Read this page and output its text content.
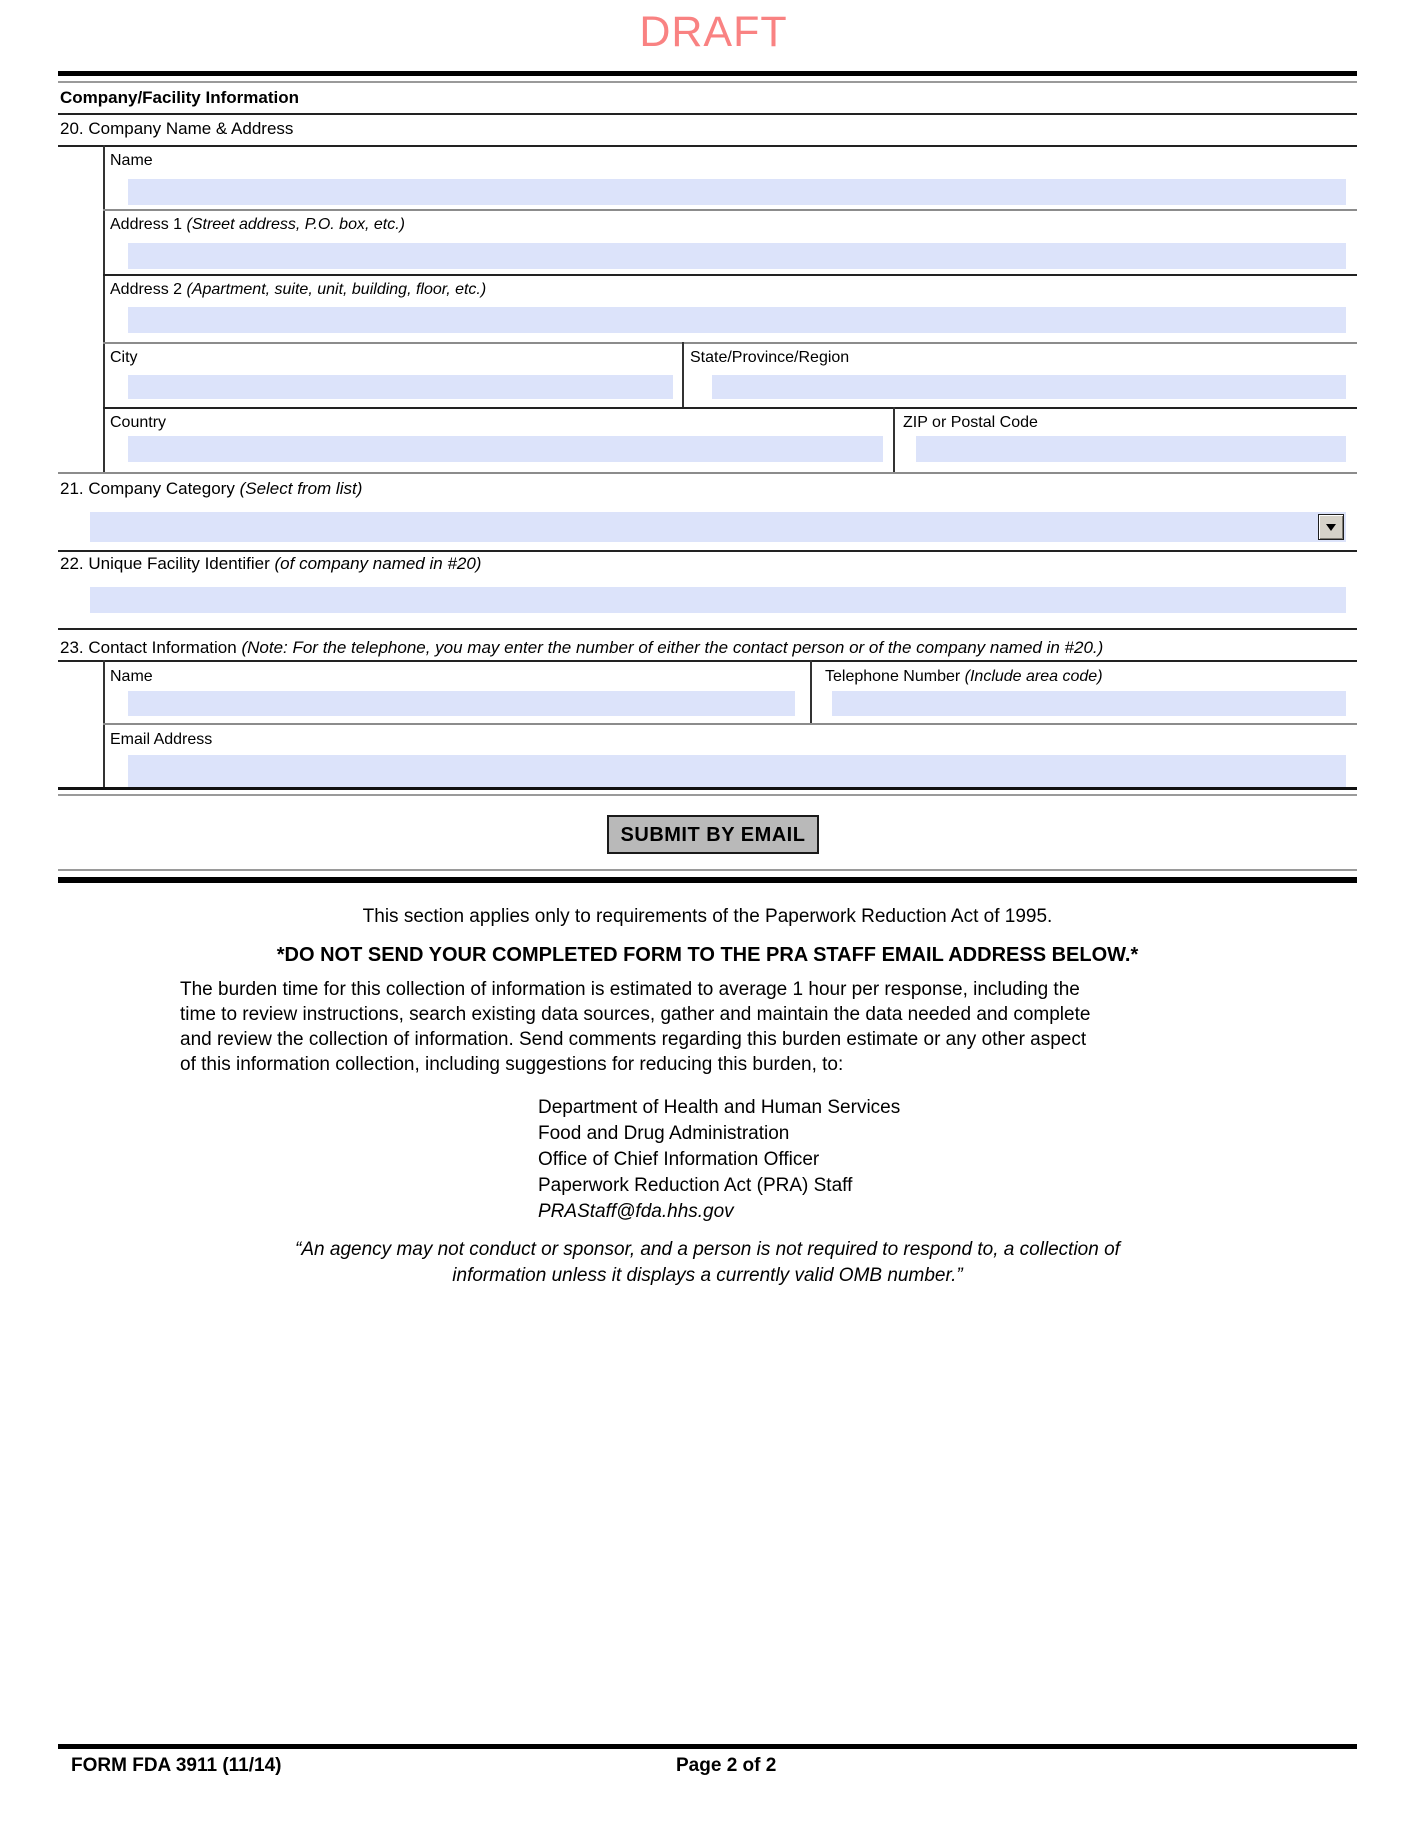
DRAFT
Company/Facility Information
20. Company Name & Address
Name
Address 1 (Street address, P.O. box, etc.)
Address 2 (Apartment, suite, unit, building, floor, etc.)
City	State/Province/Region
Country	ZIP or Postal Code
21. Company Category (Select from list)
22. Unique Facility Identifier (of company named in #20)
23. Contact Information (Note: For the telephone, you may enter the number of either the contact person or of the company named in #20.)
Name	Telephone Number (Include area code)
Email Address
SUBMIT BY EMAIL
This section applies only to requirements of the Paperwork Reduction Act of 1995.
*DO NOT SEND YOUR COMPLETED FORM TO THE PRA STAFF EMAIL ADDRESS BELOW.*
The burden time for this collection of information is estimated to average 1 hour per response, including the
time to review instructions, search existing data sources, gather and maintain the data needed and complete
and review the collection of information. Send comments regarding this burden estimate or any other aspect
of this information collection, including suggestions for reducing this burden, to:
Department of Health and Human Services
Food and Drug Administration
Office of Chief Information Officer
Paperwork Reduction Act (PRA) Staff
PRAStaff@fda.hhs.gov
“An agency may not conduct or sponsor, and a person is not required to respond to, a collection of
information unless it displays a currently valid OMB number.”
FORM FDA 3911 (11/14)	Page 2 of 2
